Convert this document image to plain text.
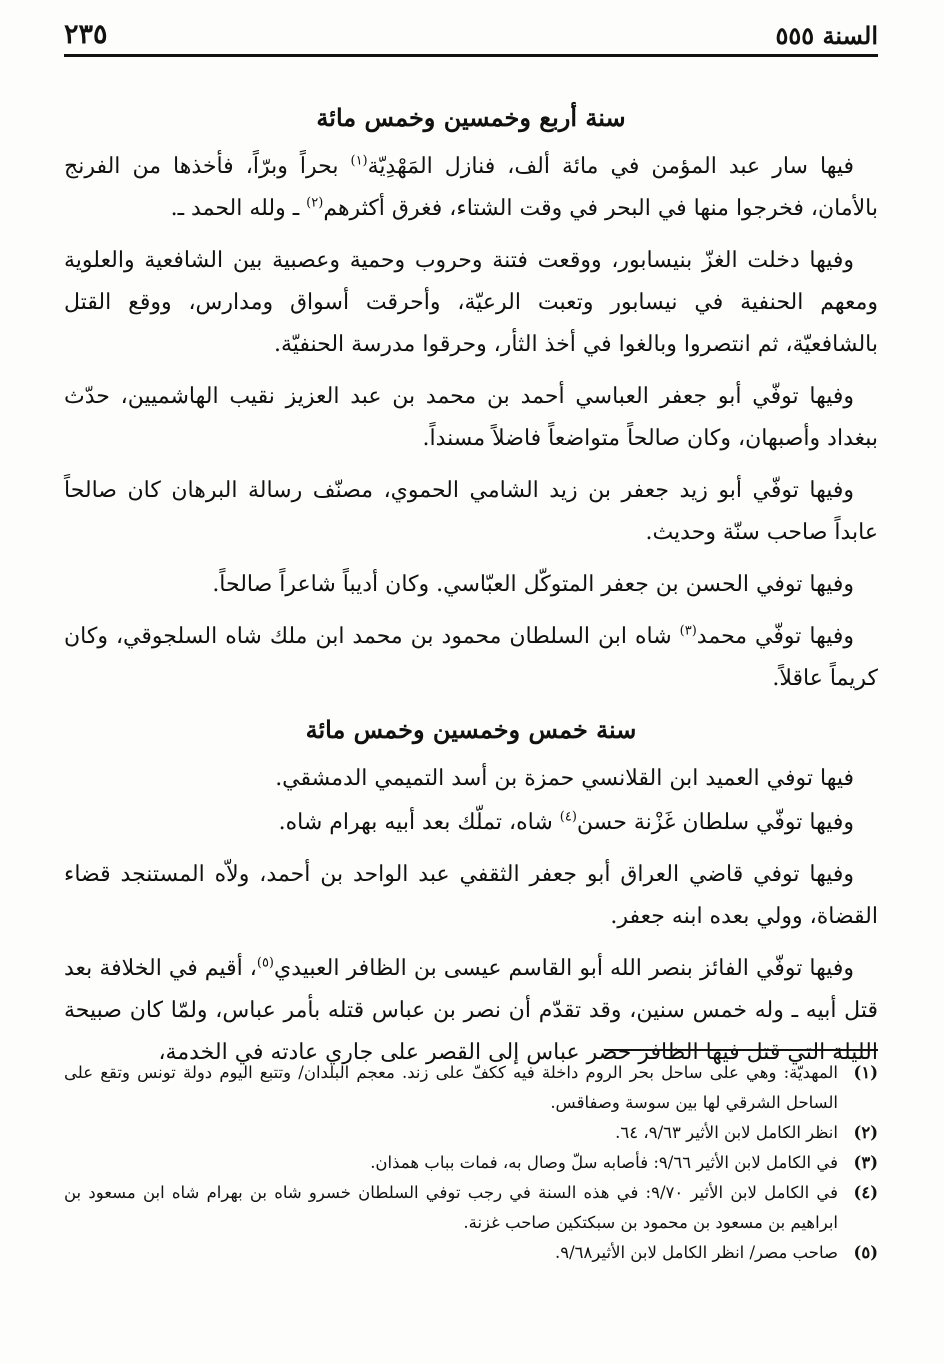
السنة ٥٥٥
٢٣٥
سنة أربع وخمسين وخمس مائة

فيها سار عبد المؤمن في مائة ألف، فنازل المَهْدِيّة$^{(١)}$ بحراً وبرّاً، فأخذها من الفرنج بالأمان، فخرجوا منها في البحر في وقت الشتاء، فغرق أكثرهم$^{(٢)}$ ـ ولله الحمد ـ.

وفيها دخلت الغزّ بنيسابور، ووقعت فتنة وحروب وحمية وعصبية بين الشافعية والعلوية ومعهم الحنفية في نيسابور وتعبت الرعيّة، وأحرقت أسواق ومدارس، ووقع القتل بالشافعيّة، ثم انتصروا وبالغوا في أخذ الثأر، وحرقوا مدرسة الحنفيّة.

وفيها توفّي أبو جعفر العباسي أحمد بن محمد بن عبد العزيز نقيب الهاشميين، حدّث ببغداد وأصبهان، وكان صالحاً متواضعاً فاضلاً مسنداً.

وفيها توفّي أبو زيد جعفر بن زيد الشامي الحموي، مصنّف رسالة البرهان كان صالحاً عابداً صاحب سنّة وحديث.

وفيها توفي الحسن بن جعفر المتوكّل العبّاسي. وكان أديباً شاعراً صالحاً.

وفيها توفّي محمد$^{(٣)}$ شاه ابن السلطان محمود بن محمد ابن ملك شاه السلجوقي، وكان كريماً عاقلاً.

سنة خمس وخمسين وخمس مائة

فيها توفي العميد ابن القلانسي حمزة بن أسد التميمي الدمشقي.

وفيها توفّي سلطان غَزْنة حسن$^{(٤)}$ شاه، تملّك بعد أبيه بهرام شاه.

وفيها توفي قاضي العراق أبو جعفر الثقفي عبد الواحد بن أحمد، ولاّه المستنجد قضاء القضاة، وولي بعده ابنه جعفر.

وفيها توفّي الفائز بنصر الله أبو القاسم عيسى بن الظافر العبيدي$^{(٥)}$، أقيم في الخلافة بعد قتل أبيه ـ وله خمس سنين، وقد تقدّم أن نصر بن عباس قتله بأمر عباس، ولمّا كان صبيحة الليلة التي قتل فيها الظافر حضر عباس إلى القصر على جاري عادته في الخدمة،

(١)
المهديّة: وهي على ساحل بحر الروم داخلة فيه ككفّ على زند. معجم البلدان/ وتتبع اليوم دولة تونس وتقع على الساحل الشرقي لها بين سوسة وصفاقس.
(٢)
انظر الكامل لابن الأثير ٩/٦٣، ٦٤.
(٣)
في الكامل لابن الأثير ٩/٦٦: فأصابه سلّ وصال به، فمات بباب همذان.
(٤)
في الكامل لابن الأثير ٩/٧٠: في هذه السنة في رجب توفي السلطان خسرو شاه بن بهرام شاه ابن مسعود بن ابراهيم بن مسعود بن محمود بن سبكتكين صاحب غزنة.
(٥)
صاحب مصر/ انظر الكامل لابن الأثير٩/٦٨.
